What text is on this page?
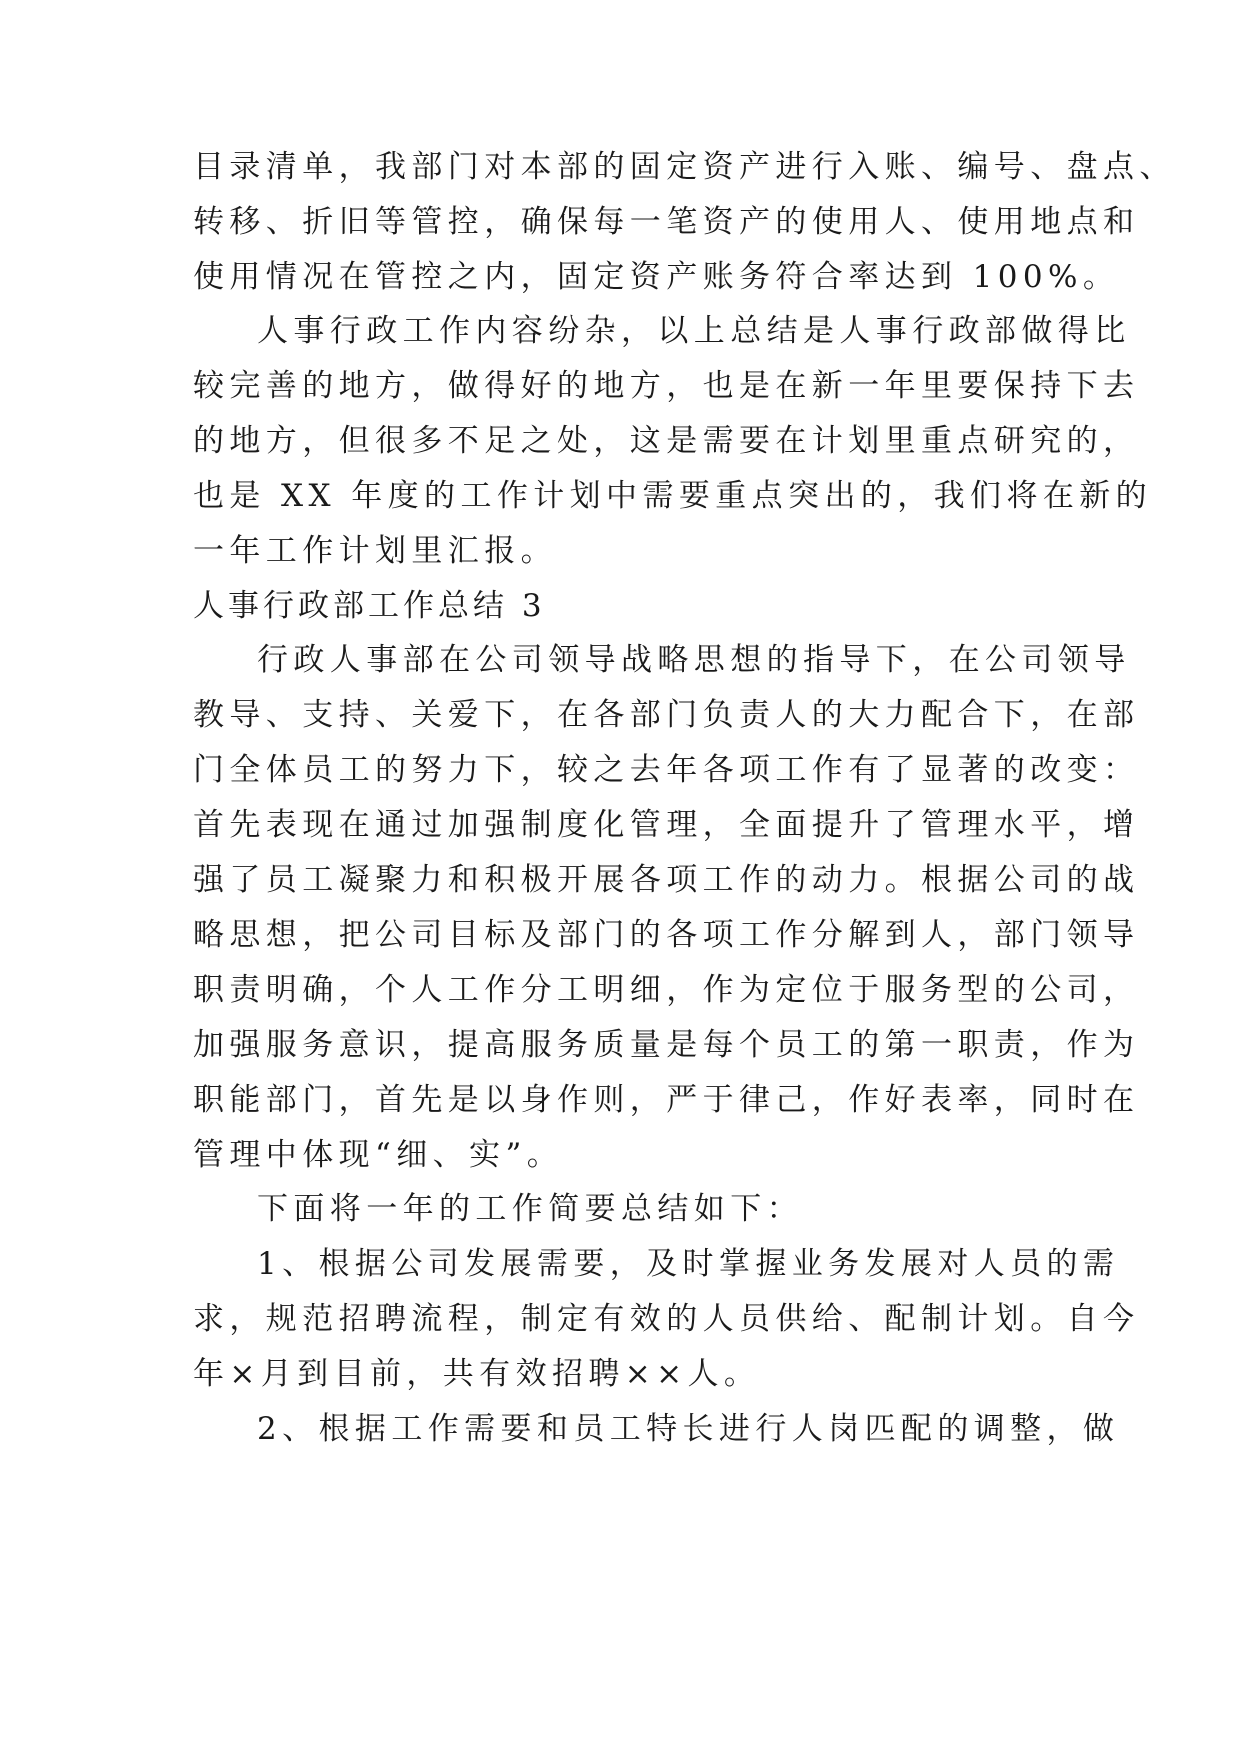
目录清单，我部门对本部的固定资产进行入账、编号、盘点、

转移、折旧等管控，确保每一笔资产的使用人、使用地点和

使用情况在管控之内，固定资产账务符合率达到 100%。

人事行政工作内容纷杂，以上总结是人事行政部做得比

较完善的地方，做得好的地方，也是在新一年里要保持下去

的地方，但很多不足之处，这是需要在计划里重点研究的，

也是 XX 年度的工作计划中需要重点突出的，我们将在新的

一年工作计划里汇报。

人事行政部工作总结 3

行政人事部在公司领导战略思想的指导下，在公司领导

教导、支持、关爱下，在各部门负责人的大力配合下，在部

门全体员工的努力下，较之去年各项工作有了显著的改变：

首先表现在通过加强制度化管理，全面提升了管理水平，增

强了员工凝聚力和积极开展各项工作的动力。根据公司的战

略思想，把公司目标及部门的各项工作分解到人，部门领导

职责明确，个人工作分工明细，作为定位于服务型的公司，

加强服务意识，提高服务质量是每个员工的第一职责，作为

职能部门，首先是以身作则，严于律己，作好表率，同时在

管理中体现“细、实”。

下面将一年的工作简要总结如下：

1、根据公司发展需要，及时掌握业务发展对人员的需

求，规范招聘流程，制定有效的人员供给、配制计划。自今

年×月到目前，共有效招聘××人。

2、根据工作需要和员工特长进行人岗匹配的调整，做
